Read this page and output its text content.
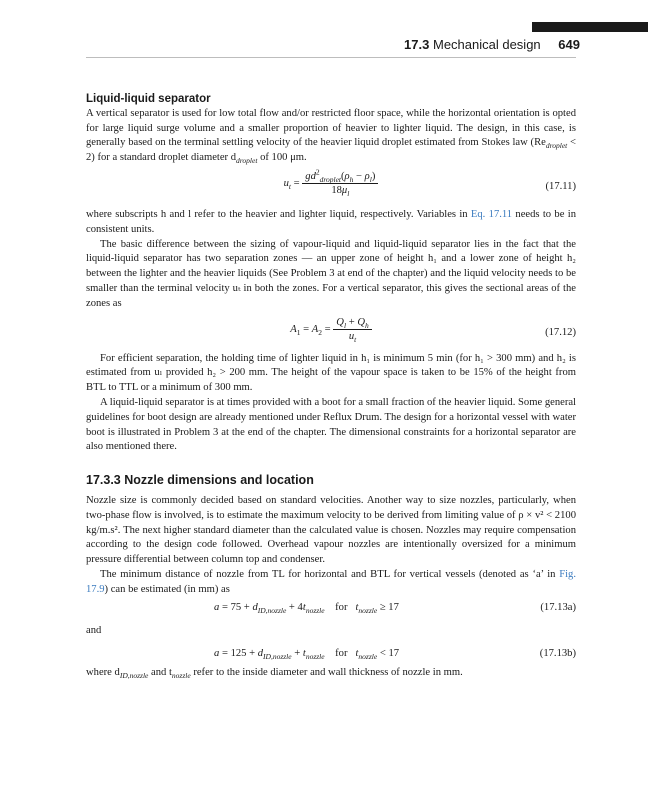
17.3 Mechanical design 649
Liquid-liquid separator

A vertical separator is used for low total flow and/or restricted floor space, while the horizontal orientation is opted for large liquid surge volume and a smaller proportion of heavier to lighter liquid. The design, in this case, is generally based on the terminal settling velocity of the heavier liquid droplet estimated from Stokes law $(Re_{droplet} < 2)$ for a standard droplet diameter $d_{droplet}$ of 100 μm.

$u_t = \frac{gd^2_{droplet}(\rho_h - \rho_l)}{18\mu_l}$	(17.11)

where subscripts h and l refer to the heavier and lighter liquid, respectively. Variables in Eq. 17.11 needs to be in consistent units.

The basic difference between the sizing of vapour-liquid and liquid-liquid separator lies in the fact that the liquid-liquid separator has two separation zones — an upper zone of height h₁ and a lower zone of height h₂ between the lighter and the heavier liquids (See Problem 3 at end of the chapter) and the liquid velocity needs to be smaller than the terminal velocity uₜ in both the zones. For a vertical separator, this gives the sectional areas of the zones as

$A_1 = A_2 = \frac{Q_l + Q_h}{u_t}$	(17.12)

For efficient separation, the holding time of lighter liquid in h₁ is minimum 5 min (for h₁ > 300 mm) and h₂ is estimated from uₗ provided h₂ > 200 mm. The height of the vapour space is taken to be 15% of the height from BTL to TTL or a minimum of 300 mm.

A liquid-liquid separator is at times provided with a boot for a small fraction of the heavier liquid. Some general guidelines for boot design are already mentioned under Reflux Drum. The design for a horizontal vessel with water boot is illustrated in Problem 3 at the end of the chapter. The dimensional constraints for a horizontal separator are also mentioned there.

17.3.3 Nozzle dimensions and location

Nozzle size is commonly decided based on standard velocities. Another way to size nozzles, particularly, when two-phase flow is involved, is to estimate the maximum velocity to be derived from limiting value of ρ × v² < 2100 kg/m.s². The next higher standard diameter than the calculated value is chosen. Nozzles may require compensation according to the design code followed. Overhead vapour nozzles are intentionally oversized for a minimum pressure differential between column top and condenser.

The minimum distance of nozzle from TL for horizontal and BTL for vertical vessels (denoted as ‘a’ in Fig. 17.9) can be estimated (in mm) as

$a = 75 + d_{ID,nozzle} + 4t_{nozzle}$    for   $t_{nozzle} \ge 17$	(17.13a)

and

$a = 125 + d_{ID,nozzle} + t_{nozzle}$    for   $t_{nozzle} < 17$	(17.13b)

where $d_{ID,nozzle}$ and $t_{nozzle}$ refer to the inside diameter and wall thickness of nozzle in mm.
